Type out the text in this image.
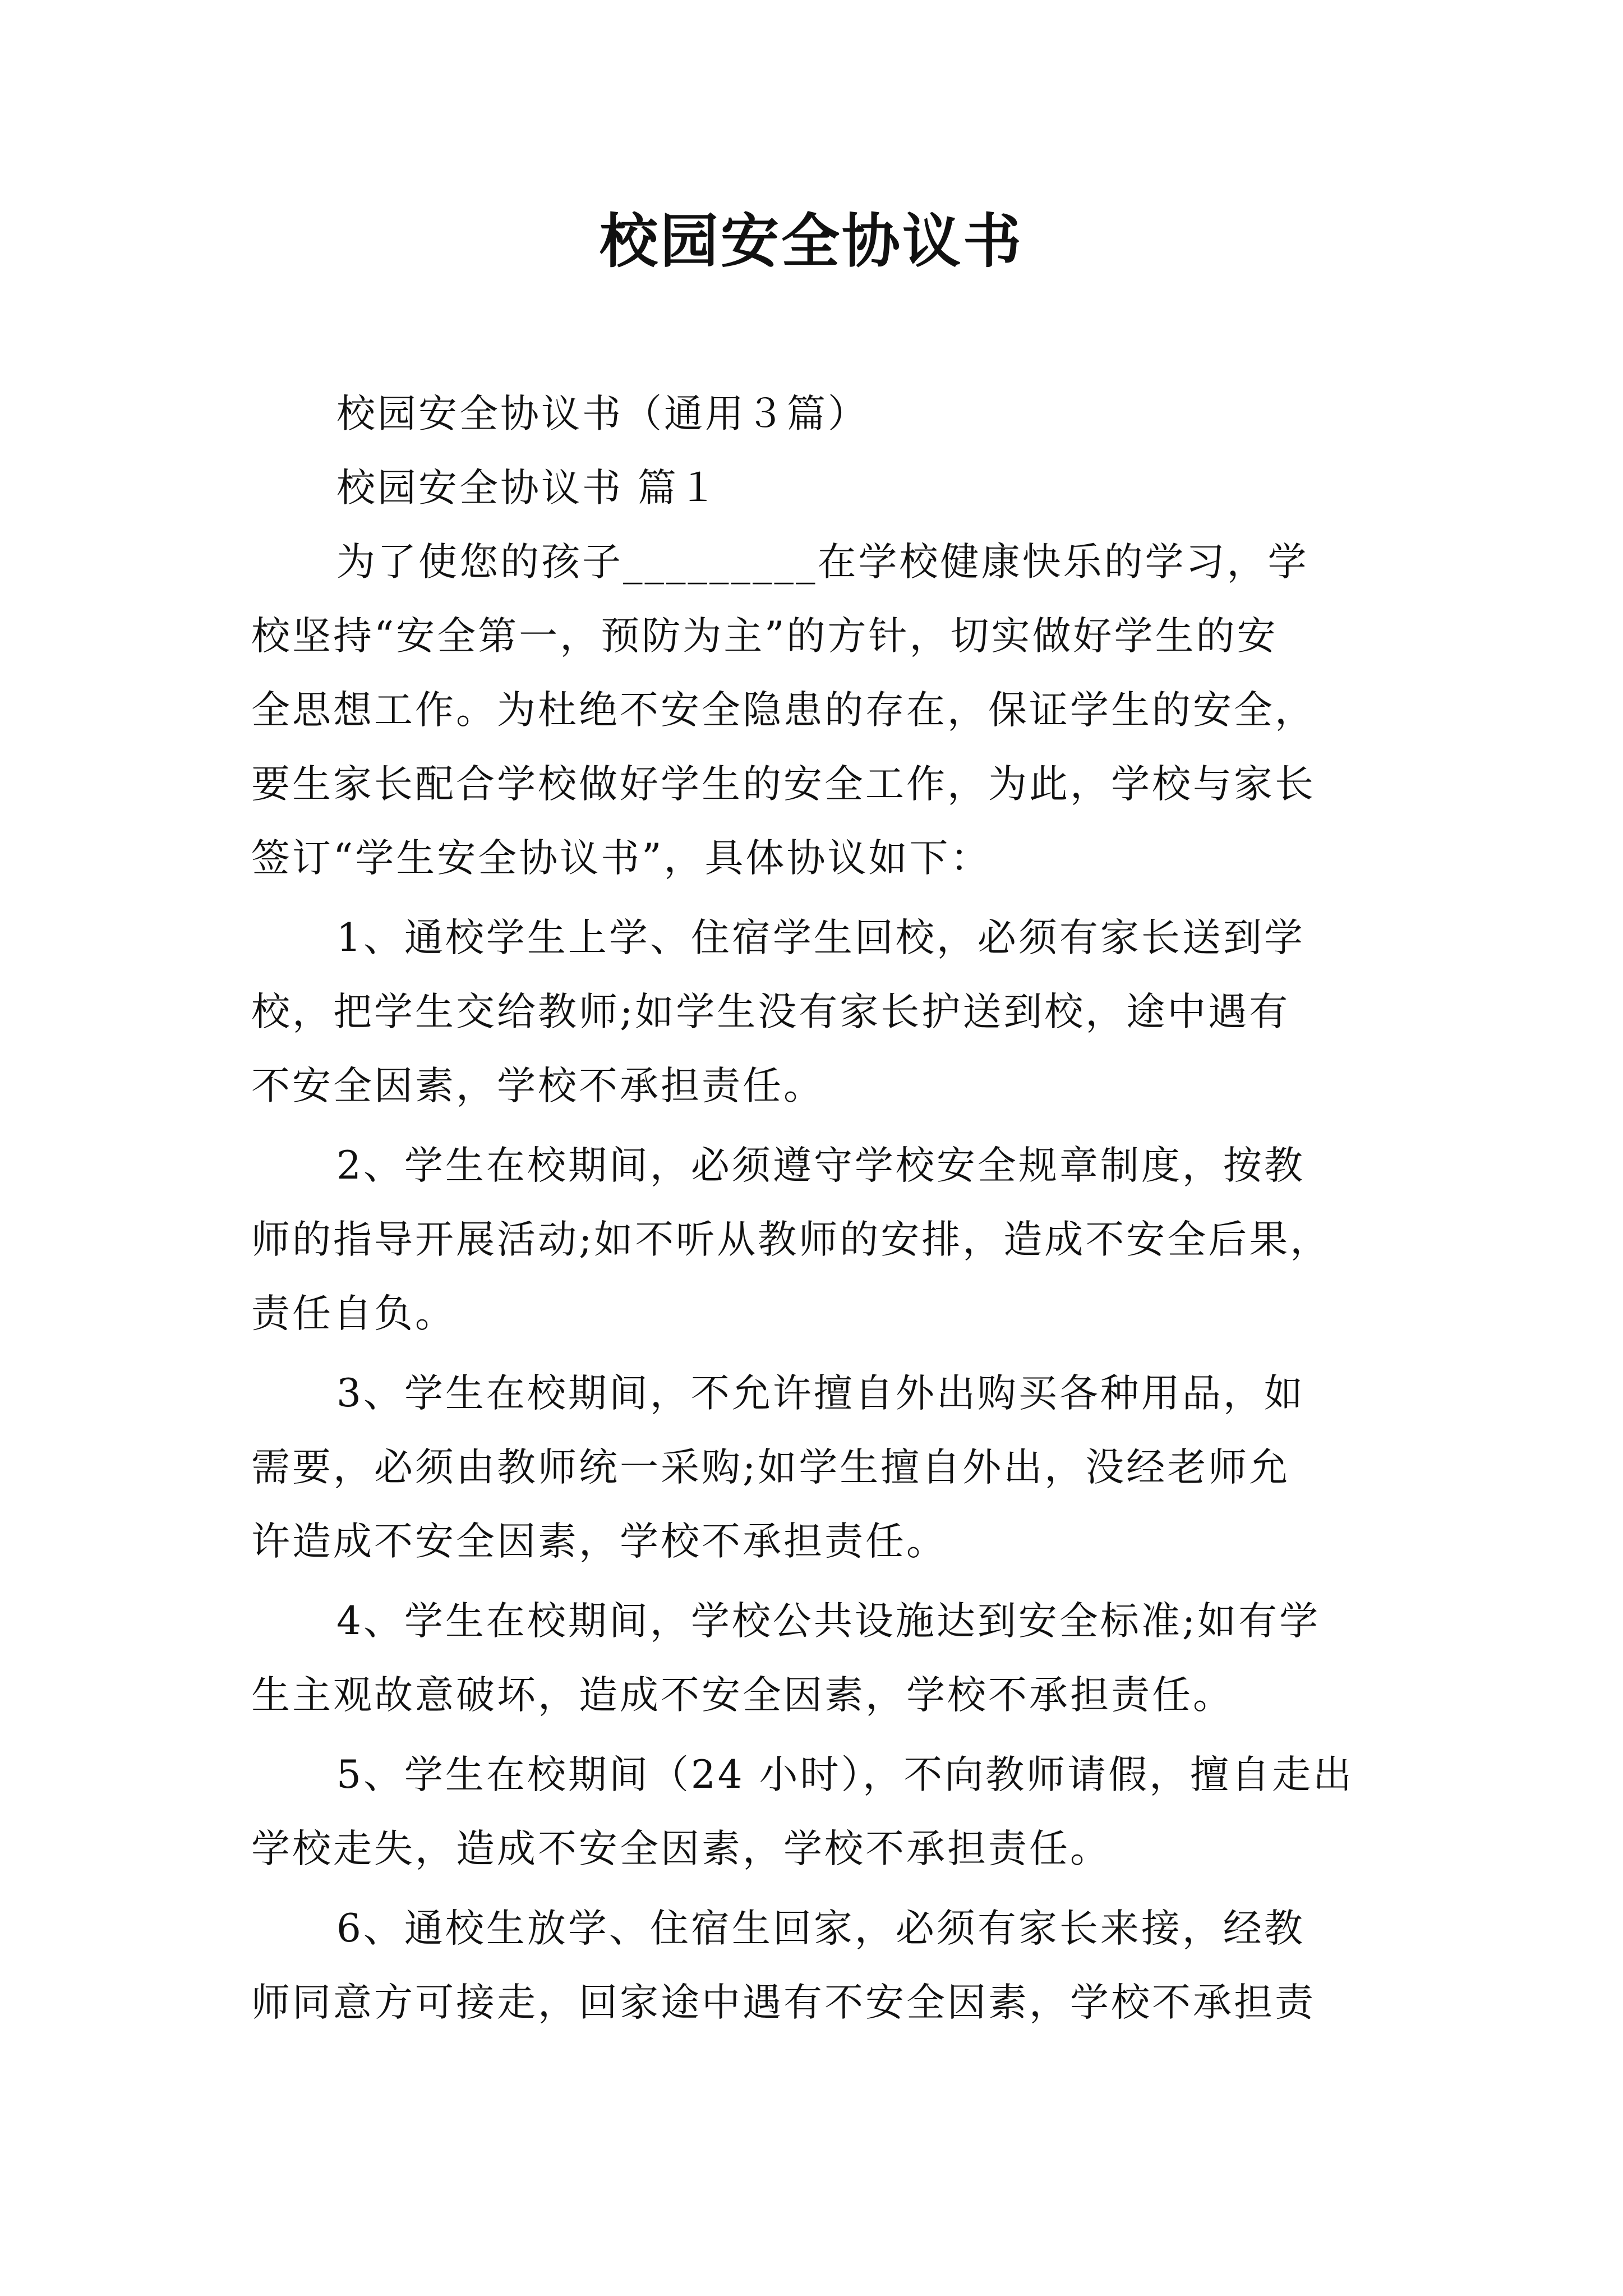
校园安全协议书
校园安全协议书（通用３篇）
校园安全协议书 篇１
为了使您的孩子_________在学校健康快乐的学习，学
校坚持“安全第一，预防为主”的方针，切实做好学生的安
全思想工作。为杜绝不安全隐患的存在，保证学生的安全，
要生家长配合学校做好学生的安全工作，为此，学校与家长
签订“学生安全协议书”，具体协议如下：
1、通校学生上学、住宿学生回校，必须有家长送到学
校，把学生交给教师;如学生没有家长护送到校，途中遇有
不安全因素，学校不承担责任。
2、学生在校期间，必须遵守学校安全规章制度，按教
师的指导开展活动;如不听从教师的安排，造成不安全后果，
责任自负。
3、学生在校期间，不允许擅自外出购买各种用品，如
需要，必须由教师统一采购;如学生擅自外出，没经老师允
许造成不安全因素，学校不承担责任。
4、学生在校期间，学校公共设施达到安全标准;如有学
生主观故意破坏，造成不安全因素，学校不承担责任。
5、学生在校期间（24 小时），不向教师请假，擅自走出
学校走失，造成不安全因素，学校不承担责任。
6、通校生放学、住宿生回家，必须有家长来接，经教
师同意方可接走，回家途中遇有不安全因素，学校不承担责
